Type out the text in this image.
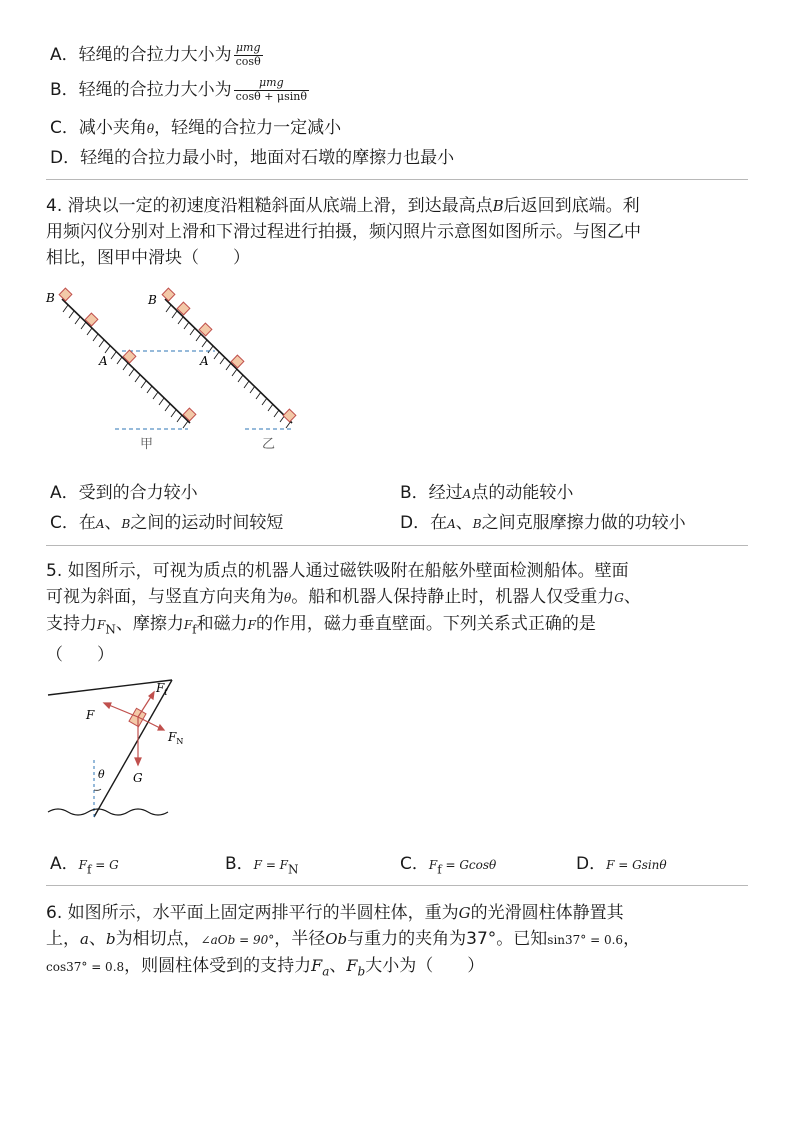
A．轻绳的合拉力大小为 $\frac{\text{μmg}}{\cos\theta}$
B．轻绳的合拉力大小为 $\frac{\text{μmg}}{\cos\theta + \mu\sin\theta}$
C．减小夹角θ，轻绳的合拉力一定减小
D．轻绳的合拉力最小时，地面对石墩的摩擦力也最小
4. 滑块以一定的初速度沿粗糙斜面从底端上滑，到达最高点B后返回到底端。利
用频闪仪分别对上滑和下滑过程进行拍摄，频闪照片示意图如图所示。与图乙中
相比，图甲中滑块（　　）
B	B
A	A
甲	乙
A．受到的合力较小	B．经过A点的动能较小
C．在A、B之间的运动时间较短	D．在A、B之间克服摩擦力做的功较小
5. 如图所示，可视为质点的机器人通过磁铁吸附在船舷外壁面检测船体。壁面
可视为斜面，与竖直方向夹角为θ。船和机器人保持静止时，机器人仅受重力G、
支持力$F_N$、摩擦力$F_f$和磁力F的作用，磁力垂直壁面。下列关系式正确的是
（　　）
θ
$F_f$
F
$F_N$
G
A．$F_f = G$	B．$F = F_N$	C．$F_f = Gcos\theta$	D．F = Gsinθ
6. 如图所示，水平面上固定两排平行的半圆柱体，重为G的光滑圆柱体静置其
上，a、b为相切点，∠aOb = 90°，半径Ob与重力的夹角为37°。已知sin37° = 0.6，
cos37° = 0.8，则圆柱体受到的支持力$F_a$、$F_b$大小为（　　）
